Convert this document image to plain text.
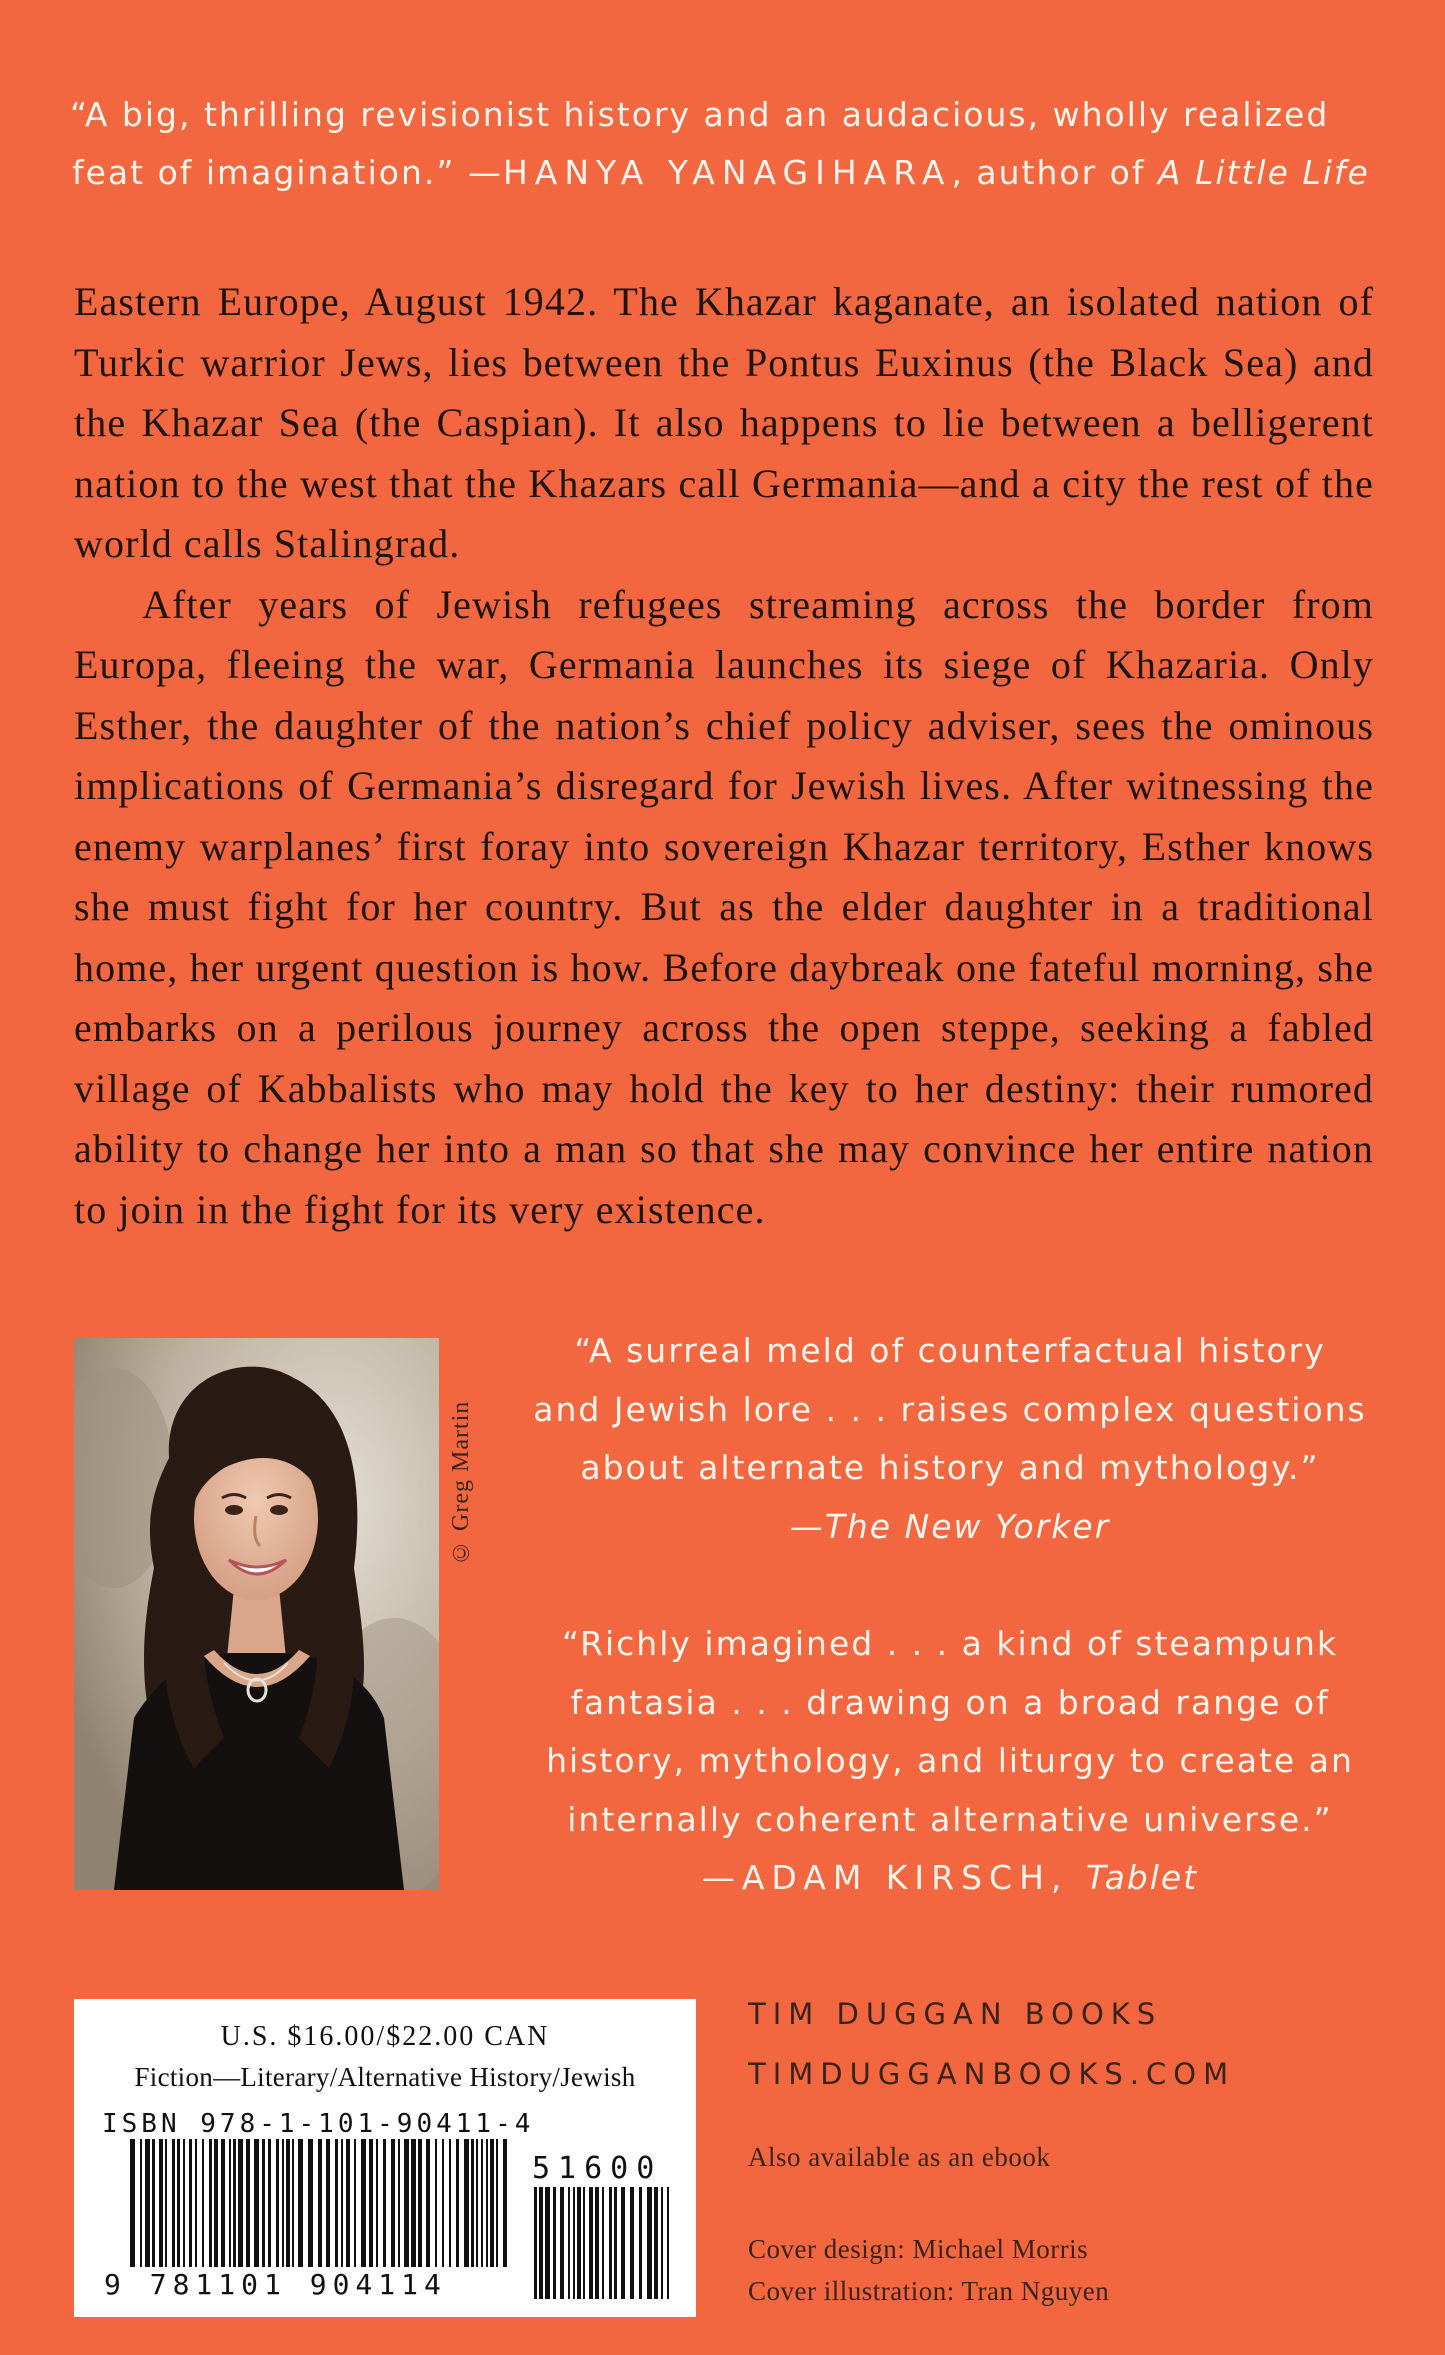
“A big, thrilling revisionist history and an audacious, wholly realized
feat of imagination.” —HANYA YANAGIHARA, author of A Little Life

Eastern Europe, August 1942. The Khazar kaganate, an isolated nation of Turkic warrior Jews, lies between the Pontus Euxinus (the Black Sea) and the Khazar Sea (the Caspian). It also happens to lie between a belligerent nation to the west that the Khazars call Germania—and a city the rest of the world calls Stalingrad.

After years of Jewish refugees streaming across the border from Europa, fleeing the war, Germania launches its siege of Khazaria. Only Esther, the daughter of the nation’s chief policy adviser, sees the ominous implications of Germania’s disregard for Jewish lives. After witnessing the enemy warplanes’ first foray into sovereign Khazar territory, Esther knows she must fight for her country. But as the elder daughter in a traditional home, her urgent question is how. Before daybreak one fateful morning, she embarks on a perilous journey across the open steppe, seeking a fabled village of Kabbalists who may hold the key to her destiny: their rumored ability to change her into a man so that she may convince her entire nation to join in the fight for its very existence.

© Greg Martin
“A surreal meld of counterfactual history
and Jewish lore . . . raises complex questions
about alternate history and mythology.”
—The New Yorker
“Richly imagined . . . a kind of steampunk
fantasia . . . drawing on a broad range of
history, mythology, and liturgy to create an
internally coherent alternative universe.”
—ADAM KIRSCH, Tablet
U.S. $16.00/$22.00 CAN
Fiction—Literary/Alternative History/Jewish
ISBN 978-1-101-90411-4
9 781101 904114
51600
TIM DUGGAN BOOKS
TIMDUGGANBOOKS.COM
Also available as an ebook
Cover design: Michael Morris
Cover illustration: Tran Nguyen
